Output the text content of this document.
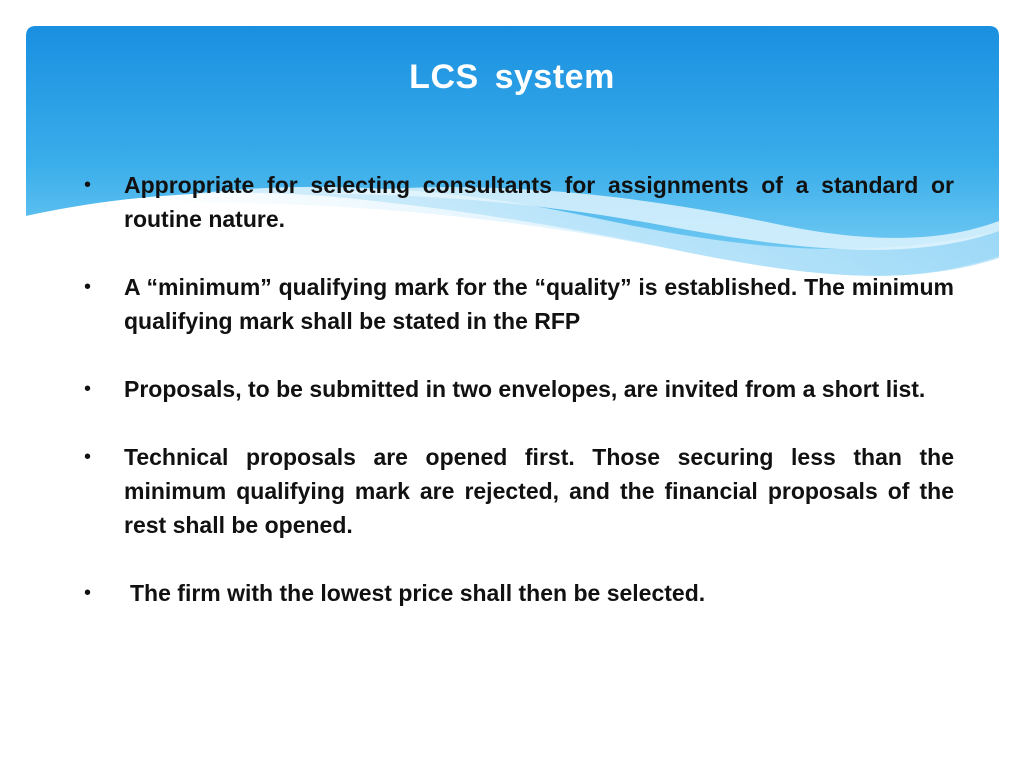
LCS system
• Appropriate for selecting consultants for assignments of a standard or routine nature.
• A “minimum” qualifying mark for the “quality” is established. The minimum qualifying mark shall be stated in the RFP
• Proposals, to be submitted in two envelopes, are invited from a short list.
• Technical proposals are opened first. Those securing less than the minimum qualifying mark are rejected, and the financial proposals of the rest shall be opened.
• The firm with the lowest price shall then be selected.
